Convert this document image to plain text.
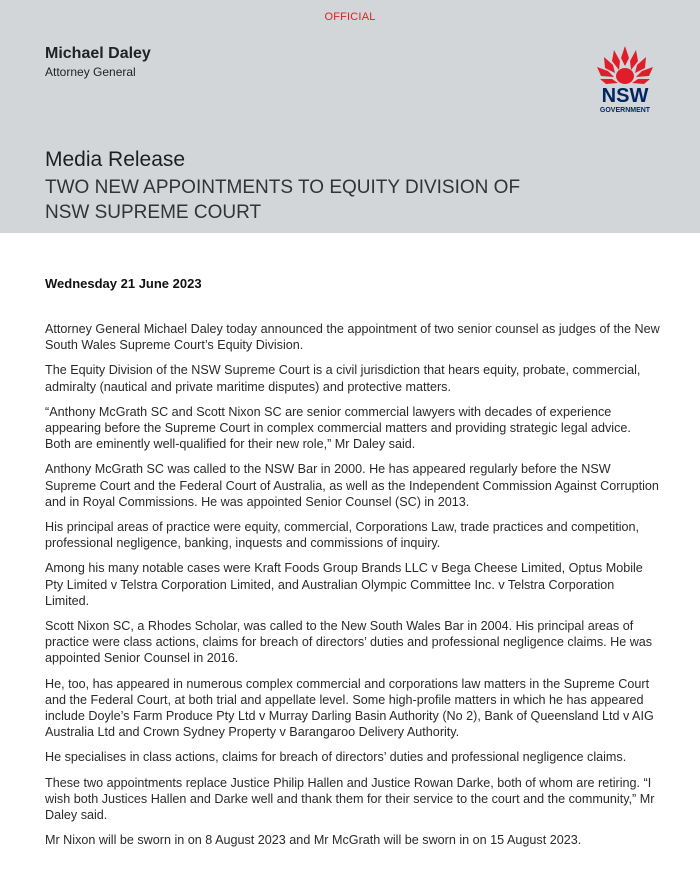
OFFICIAL
Michael Daley
Attorney General
NSW
GOVERNMENT
Media Release
TWO NEW APPOINTMENTS TO EQUITY DIVISION OF
NSW SUPREME COURT
Wednesday 21 June 2023

Attorney General Michael Daley today announced the appointment of two senior counsel as judges of the New South Wales Supreme Court’s Equity Division.

The Equity Division of the NSW Supreme Court is a civil jurisdiction that hears equity, probate, commercial, admiralty (nautical and private maritime disputes) and protective matters.

“Anthony McGrath SC and Scott Nixon SC are senior commercial lawyers with decades of experience appearing before the Supreme Court in complex commercial matters and providing strategic legal advice. Both are eminently well-qualified for their new role,” Mr Daley said.

Anthony McGrath SC was called to the NSW Bar in 2000. He has appeared regularly before the NSW Supreme Court and the Federal Court of Australia, as well as the Independent Commission Against Corruption and in Royal Commissions. He was appointed Senior Counsel (SC) in 2013.

His principal areas of practice were equity, commercial, Corporations Law, trade practices and competition, professional negligence, banking, inquests and commissions of inquiry.

Among his many notable cases were Kraft Foods Group Brands LLC v Bega Cheese Limited, Optus Mobile Pty Limited v Telstra Corporation Limited, and Australian Olympic Committee Inc. v Telstra Corporation Limited.

Scott Nixon SC, a Rhodes Scholar, was called to the New South Wales Bar in 2004. His principal areas of practice were class actions, claims for breach of directors’ duties and professional negligence claims. He was appointed Senior Counsel in 2016.

He, too, has appeared in numerous complex commercial and corporations law matters in the Supreme Court and the Federal Court, at both trial and appellate level. Some high-profile matters in which he has appeared include Doyle’s Farm Produce Pty Ltd v Murray Darling Basin Authority (No 2), Bank of Queensland Ltd v AIG Australia Ltd and Crown Sydney Property v Barangaroo Delivery Authority.

He specialises in class actions, claims for breach of directors’ duties and professional negligence claims.

These two appointments replace Justice Philip Hallen and Justice Rowan Darke, both of whom are retiring. “I wish both Justices Hallen and Darke well and thank them for their service to the court and the community,” Mr Daley said.

Mr Nixon will be sworn in on 8 August 2023 and Mr McGrath will be sworn in on 15 August 2023.
